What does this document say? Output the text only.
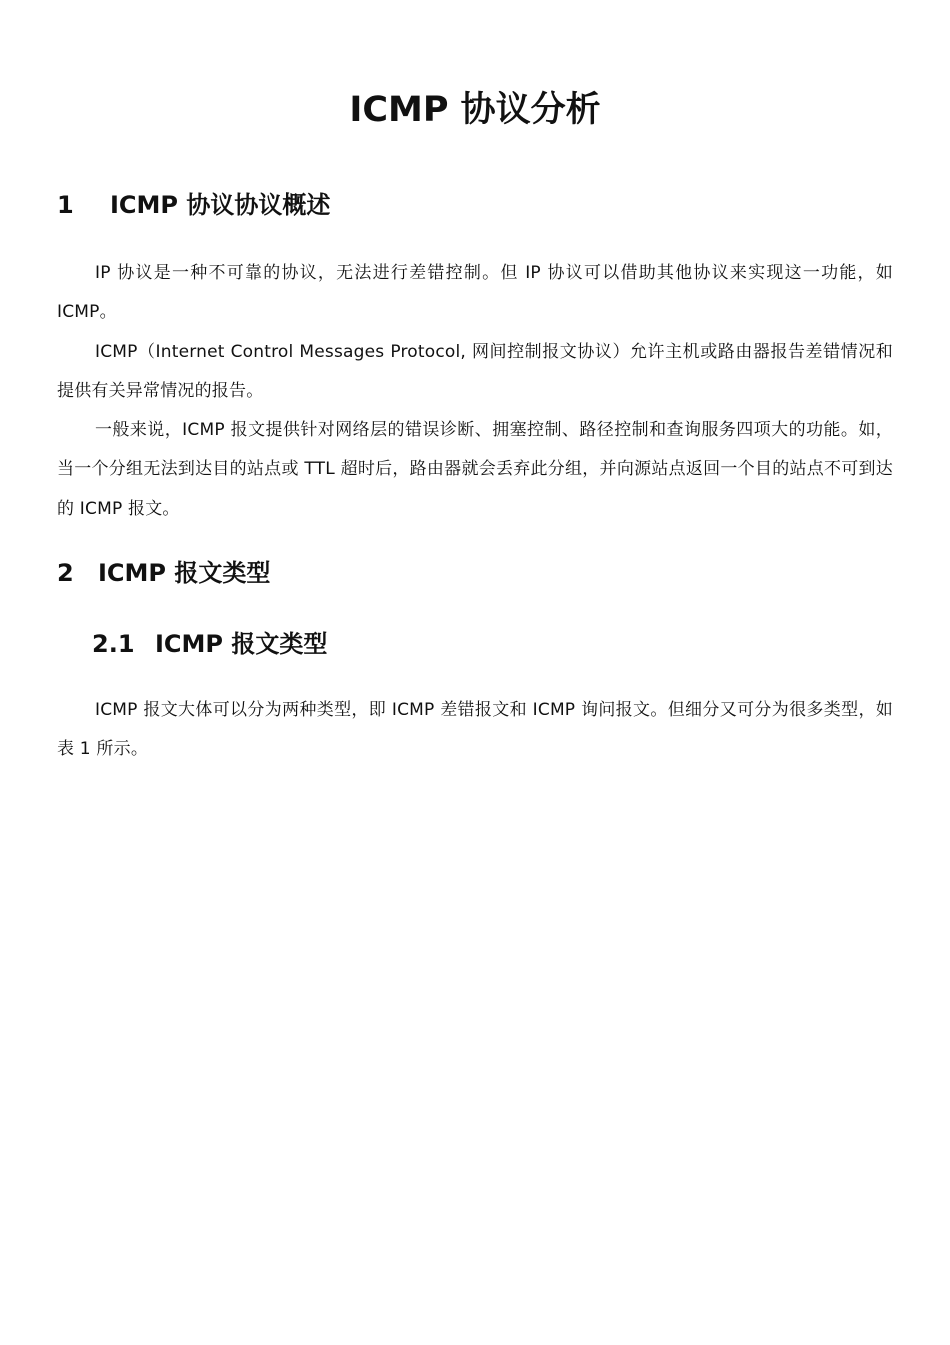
ICMP 协议分析
1 ICMP 协议协议概述

IP 协议是一种不可靠的协议，无法进行差错控制。但 IP 协议可以借助其他协议来实现这一功能，如 ICMP。

ICMP（Internet Control Messages Protocol, 网间控制报文协议）允许主机或路由器报告差错情况和提供有关异常情况的报告。

一般来说，ICMP 报文提供针对网络层的错误诊断、拥塞控制、路径控制和查询服务四项大的功能。如，当一个分组无法到达目的站点或 TTL 超时后，路由器就会丢弃此分组，并向源站点返回一个目的站点不可到达的 ICMP 报文。

2 ICMP 报文类型
2.1 ICMP 报文类型

ICMP 报文大体可以分为两种类型，即 ICMP 差错报文和 ICMP 询问报文。但细分又可分为很多类型，如表 1 所示。
